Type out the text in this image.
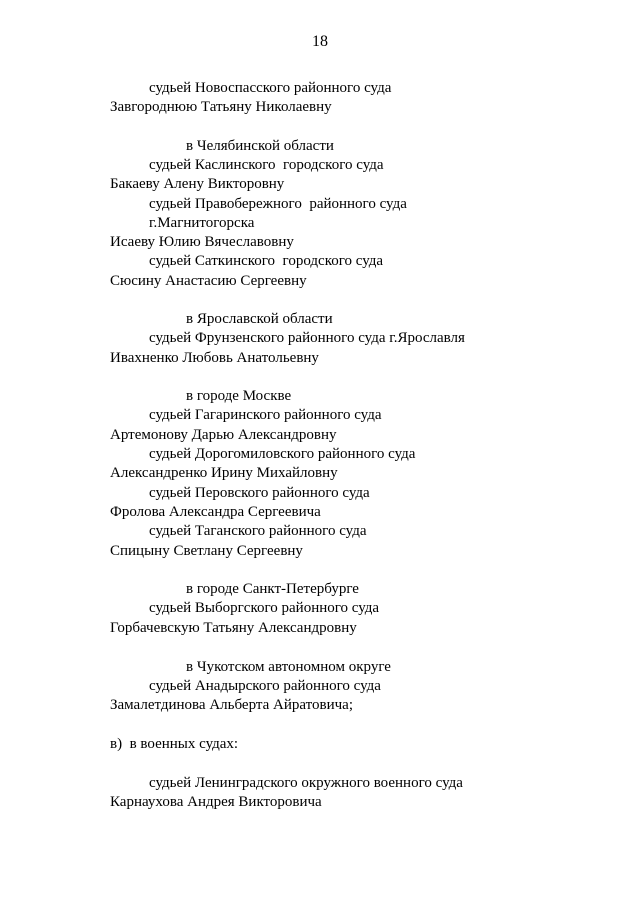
18
судьей Новоспасского районного суда
Завгороднюю Татьяну Николаевну
в Челябинской области
судьей Каслинского  городского суда
Бакаеву Алену Викторовну
судьей Правобережного  районного суда
г.Магнитогорска
Исаеву Юлию Вячеславовну
судьей Саткинского  городского суда
Сюсину Анастасию Сергеевну
в Ярославской области
судьей Фрунзенского районного суда г.Ярославля
Ивахненко Любовь Анатольевну
в городе Москве
судьей Гагаринского районного суда
Артемонову Дарью Александровну
судьей Дорогомиловского районного суда
Александренко Ирину Михайловну
судьей Перовского районного суда
Фролова Александра Сергеевича
судьей Таганского районного суда
Спицыну Светлану Сергеевну
в городе Санкт-Петербурге
судьей Выборгского районного суда
Горбачевскую Татьяну Александровну
в Чукотском автономном округе
судьей Анадырского районного суда
Замалетдинова Альберта Айратовича;
в)  в военных судах:
судьей Ленинградского окружного военного суда
Карнаухова Андрея Викторовича
